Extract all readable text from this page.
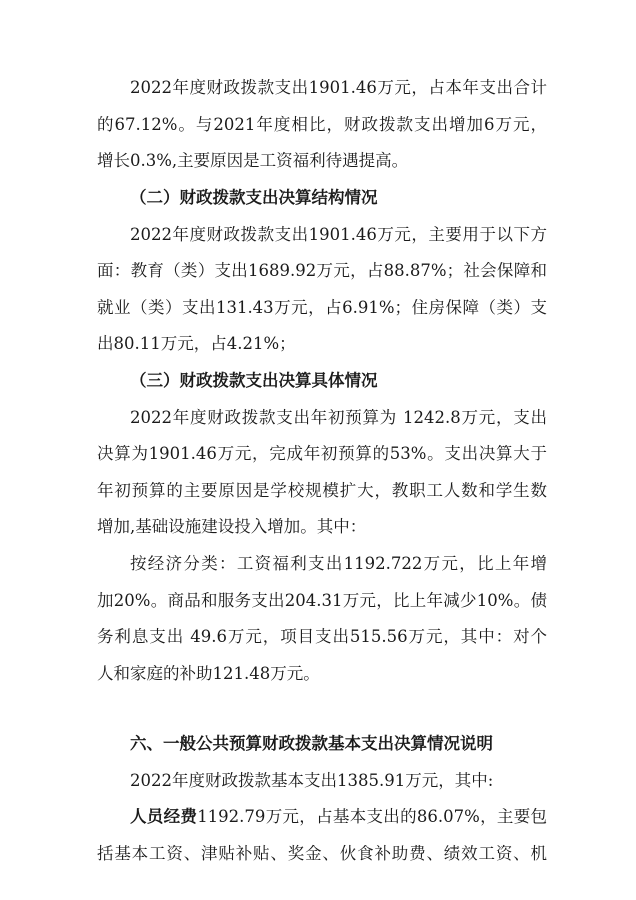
2022年度财政拨款支出1901.46万元，占本年支出合计
的67.12%。与2021年度相比，财政拨款支出增加6万元，
增长0.3%,主要原因是工资福利待遇提高。
（二）财政拨款支出决算结构情况
2022年度财政拨款支出1901.46万元，主要用于以下方
面：教育（类）支出1689.92万元，占88.87%；社会保障和
就业（类）支出131.43万元，占6.91%；住房保障（类）支
出80.11万元，占4.21%；
（三）财政拨款支出决算具体情况
2022年度财政拨款支出年初预算为 1242.8万元，支出
决算为1901.46万元，完成年初预算的53%。支出决算大于
年初预算的主要原因是学校规模扩大，教职工人数和学生数
增加,基础设施建设投入增加。其中：
按经济分类：工资福利支出1192.722万元，比上年增
加20%。商品和服务支出204.31万元，比上年减少10%。债
务利息支出 49.6万元，项目支出515.56万元，其中：对个
人和家庭的补助121.48万元。
六、一般公共预算财政拨款基本支出决算情况说明
2022年度财政拨款基本支出1385.91万元，其中:
人员经费1192.79万元，占基本支出的86.07%，主要包
括基本工资、津贴补贴、奖金、伙食补助费、绩效工资、机
